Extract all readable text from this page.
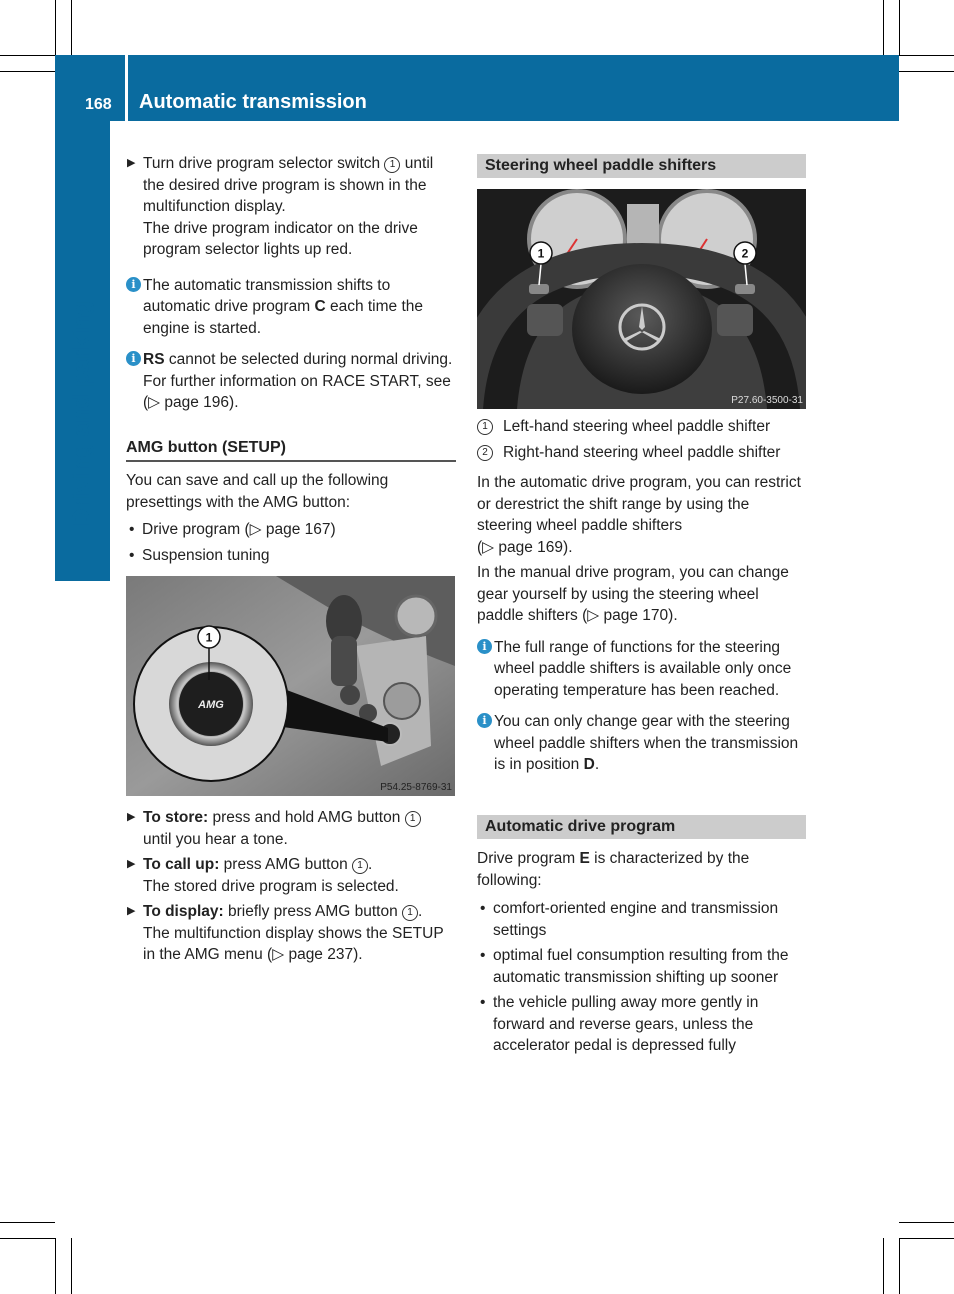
168 Automatic transmission
Driving and parking
▶ Turn drive program selector switch 1 until the desired drive program is shown in the multifunction display.
The drive program indicator on the drive program selector lights up red.
i The automatic transmission shifts to automatic drive program C each time the engine is started.
i RS cannot be selected during normal driving. For further information on RACE START, see (▷ page 196).
AMG button (SETUP)

You can save and call up the following presettings with the AMG button:

• Drive program (▷ page 167)
• Suspension tuning
AMG
1
P54.25-8769-31
▶ To store: press and hold AMG button 1
until you hear a tone.
▶ To call up: press AMG button 1 .
The stored drive program is selected.
▶ To display: briefly press AMG button 1 .
The multifunction display shows the SETUP in the AMG menu (▷ page 237).
Steering wheel paddle shifters
1	2
P27.60-3500-31
1 Left-hand steering wheel paddle shifter
2 Right-hand steering wheel paddle shifter

In the automatic drive program, you can restrict or derestrict the shift range by using the steering wheel paddle shifters
(▷ page 169).

In the manual drive program, you can change gear yourself by using the steering wheel paddle shifters (▷ page 170).

i The full range of functions for the steering wheel paddle shifters is available only once operating temperature has been reached.
i You can only change gear with the steering wheel paddle shifters when the transmission is in position D.
Automatic drive program

Drive program E is characterized by the following:

• comfort-oriented engine and transmission settings
• optimal fuel consumption resulting from the automatic transmission shifting up sooner
• the vehicle pulling away more gently in forward and reverse gears, unless the accelerator pedal is depressed fully
